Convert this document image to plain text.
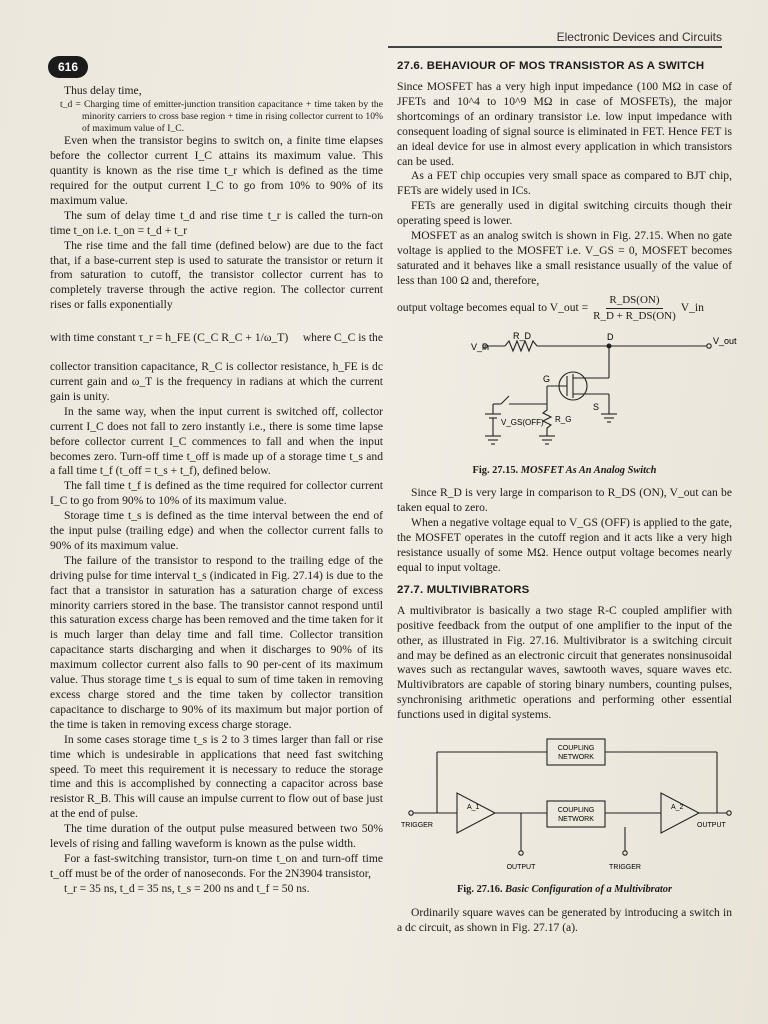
616
Electronic Devices and Circuits

Thus delay time,

t_d = Charging time of emitter-junction transition capacitance + time taken by the minority carriers to cross base region + time in rising collector current to 10% of maximum value of I_C.

Even when the transistor begins to switch on, a finite time elapses before the collector current I_C attains its maximum value. This quantity is known as the rise time t_r which is defined as the time required for the output current I_C to go from 10% to 90% of its maximum value.

The sum of delay time t_d and rise time t_r is called the turn-on time t_on i.e. t_on = t_d + t_r

The rise time and the fall time (defined below) are due to the fact that, if a base-current step is used to saturate the transistor or return it from saturation to cutoff, the transistor collector current has to completely traverse through the active region. The collector current rises or falls exponentially

with time constant τ_r = h_FE (C_C R_C + 1/ω_T) where C_C is the

collector transition capacitance, R_C is collector resistance, h_FE is dc current gain and ω_T is the frequency in radians at which the current gain is unity.

In the same way, when the input current is switched off, collector current I_C does not fall to zero instantly i.e., there is some time lapse before collector current I_C commences to fall and when the input becomes zero. Turn-off time t_off is made up of a storage time t_s and a fall time t_f (t_off = t_s + t_f), defined below.

The fall time t_f is defined as the time required for collector current I_C to go from 90% to 10% of its maximum value.

Storage time t_s is defined as the time interval between the end of the input pulse (trailing edge) and when the collector current falls to 90% of its maximum value.

The failure of the transistor to respond to the trailing edge of the driving pulse for time interval t_s (indicated in Fig. 27.14) is due to the fact that a transistor in saturation has a saturation charge of excess minority carriers stored in the base. The transistor cannot respond until this saturation excess charge has been removed and the time taken for it is much larger than delay time and fall time. Collector transition capacitance starts discharging and when it discharges to 90% of its maximum collector current also falls to 90 per-cent of its maximum value. Thus storage time t_s is equal to sum of time taken in removing excess charge stored and the time taken by collector transition capacitance to discharge to 90% of its maximum but major portion of the time is taken in removing excess charge storage.

In some cases storage time t_s is 2 to 3 times larger than fall or rise time which is undesirable in applications that need fast switching speed. To meet this requirement it is necessary to reduce the storage time and this is accomplished by connecting a capacitor across base resistor R_B. This will cause an impulse current to flow out of base just at the end of pulse.

The time duration of the output pulse measured between two 50% levels of rising and falling waveform is known as the pulse width.

For a fast-switching transistor, turn-on time t_on and turn-off time t_off must be of the order of nanoseconds. For the 2N3904 transistor,

t_r = 35 ns, t_d = 35 ns, t_s = 200 ns and t_f = 50 ns.

27.6. BEHAVIOUR OF MOS TRANSISTOR AS A SWITCH

Since MOSFET has a very high input impedance (100 MΩ in case of JFETs and 10^4 to 10^9 MΩ in case of MOSFETs), the major shortcomings of an ordinary transistor i.e. low input impedance with consequent loading of signal source is eliminated in FET. Hence FET is an ideal device for use in almost every application in which transistors can be used.

As a FET chip occupies very small space as compared to BJT chip, FETs are widely used in ICs.

FETs are generally used in digital switching circuits though their operating speed is lower.

MOSFET as an analog switch is shown in Fig. 27.15. When no gate voltage is applied to the MOSFET i.e. V_GS = 0, MOSFET becomes saturated and it behaves like a small resistance usually of the value of less than 100 Ω and, therefore,

output voltage becomes equal to V_out = $\frac{R\_DS(ON)}{R\_D + R\_DS(ON)}$ V_in
V_in
R_D	D	V_out
G
V_GS(OFF) R_G
S
Fig. 27.15. MOSFET As An Analog Switch

Since R_D is very large in comparison to R_DS (ON), V_out can be taken equal to zero.

When a negative voltage equal to V_GS (OFF) is applied to the gate, the MOSFET operates in the cutoff region and it acts like a very high resistance usually of some MΩ. Hence output voltage becomes nearly equal to input voltage.

27.7. MULTIVIBRATORS

A multivibrator is basically a two stage R-C coupled amplifier with positive feedback from the output of one amplifier to the input of the other, as illustrated in Fig. 27.16. Multivibrator is a switching circuit and may be defined as an electronic circuit that generates nonsinusoidal waves such as rectangular waves, sawtooth waves, square waves etc. Multivibrators are capable of storing binary numbers, counting pulses, synchronising arithmetic operations and performing other essential functions used in digital systems.

COUPLING
NETWORK
COUPLING
NETWORK
A_1	A_2
TRIGGER	OUTPUT
OUTPUT	TRIGGER
Fig. 27.16. Basic Configuration of a Multivibrator

Ordinarily square waves can be generated by introducing a switch in a dc circuit, as shown in Fig. 27.17 (a).
